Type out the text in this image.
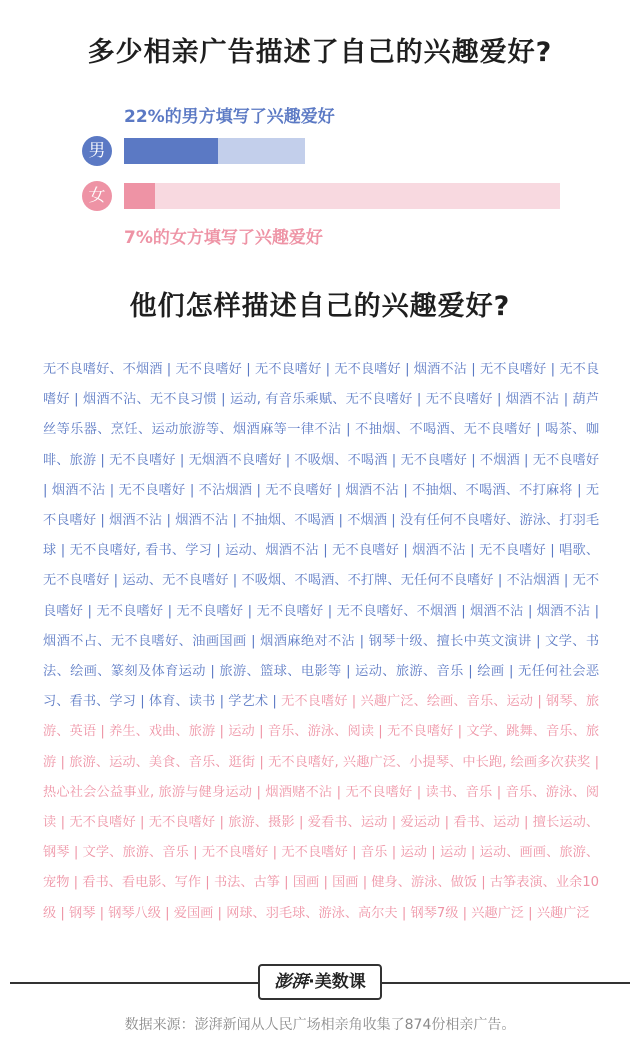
多少相亲广告描述了自己的兴趣爱好?
22%的男方填写了兴趣爱好
男
女
7%的女方填写了兴趣爱好
他们怎样描述自己的兴趣爱好?
无不良嗜好、不烟酒 | 无不良嗜好 | 无不良嗜好 | 无不良嗜好 | 烟酒不沾 | 无不良嗜好 | 无不良嗜好 | 烟酒不沾、无不良习惯 | 运动, 有音乐乘赋、无不良嗜好 | 无不良嗜好 | 烟酒不沾 | 葫芦丝等乐器、烹饪、运动旅游等、烟酒麻等一律不沾 | 不抽烟、不喝酒、无不良嗜好 | 喝茶、咖啡、旅游 | 无不良嗜好 | 无烟酒不良嗜好 | 不吸烟、不喝酒 | 无不良嗜好 | 不烟酒 | 无不良嗜好 | 烟酒不沾 | 无不良嗜好 | 不沾烟酒 | 无不良嗜好 | 烟酒不沾 | 不抽烟、不喝酒、不打麻将 | 无不良嗜好 | 烟酒不沾 | 烟酒不沾 | 不抽烟、不喝酒 | 不烟酒 | 没有任何不良嗜好、游泳、打羽毛球 | 无不良嗜好, 看书、学习 | 运动、烟酒不沾 | 无不良嗜好 | 烟酒不沾 | 无不良嗜好 | 唱歌、无不良嗜好 | 运动、无不良嗜好 | 不吸烟、不喝酒、不打牌、无任何不良嗜好 | 不沾烟酒 | 无不良嗜好 | 无不良嗜好 | 无不良嗜好 | 无不良嗜好 | 无不良嗜好、不烟酒 | 烟酒不沾 | 烟酒不沾 | 烟酒不占、无不良嗜好、油画国画 | 烟酒麻绝对不沾 | 钢琴十级、擅长中英文演讲 | 文学、书法、绘画、篆刻及体育运动 | 旅游、篮球、电影等 | 运动、旅游、音乐 | 绘画 | 无任何社会恶习、看书、学习 | 体育、读书 | 学艺术 | 无不良嗜好 | 兴趣广泛、绘画、音乐、运动 | 钢琴、旅游、英语 | 养生、戏曲、旅游 | 运动 | 音乐、游泳、阅读 | 无不良嗜好 | 文学、跳舞、音乐、旅游 | 旅游、运动、美食、音乐、逛街 | 无不良嗜好, 兴趣广泛、小提琴、中长跑, 绘画多次获奖 | 热心社会公益事业, 旅游与健身运动 | 烟酒赌不沾 | 无不良嗜好 | 读书、音乐 | 音乐、游泳、阅读 | 无不良嗜好 | 无不良嗜好 | 旅游、摄影 | 爱看书、运动 | 爱运动 | 看书、运动 | 擅长运动、钢琴 | 文学、旅游、音乐 | 无不良嗜好 | 无不良嗜好 | 音乐 | 运动 | 运动 | 运动、画画、旅游、宠物 | 看书、看电影、写作 | 书法、古筝 | 国画 | 国画 | 健身、游泳、做饭 | 古筝表演、业余10级 | 钢琴 | 钢琴八级 | 爱国画 | 网球、羽毛球、游泳、高尔夫 | 钢琴7级 | 兴趣广泛 | 兴趣广泛
澎湃·美数课
数据来源：澎湃新闻从人民广场相亲角收集了874份相亲广告。
